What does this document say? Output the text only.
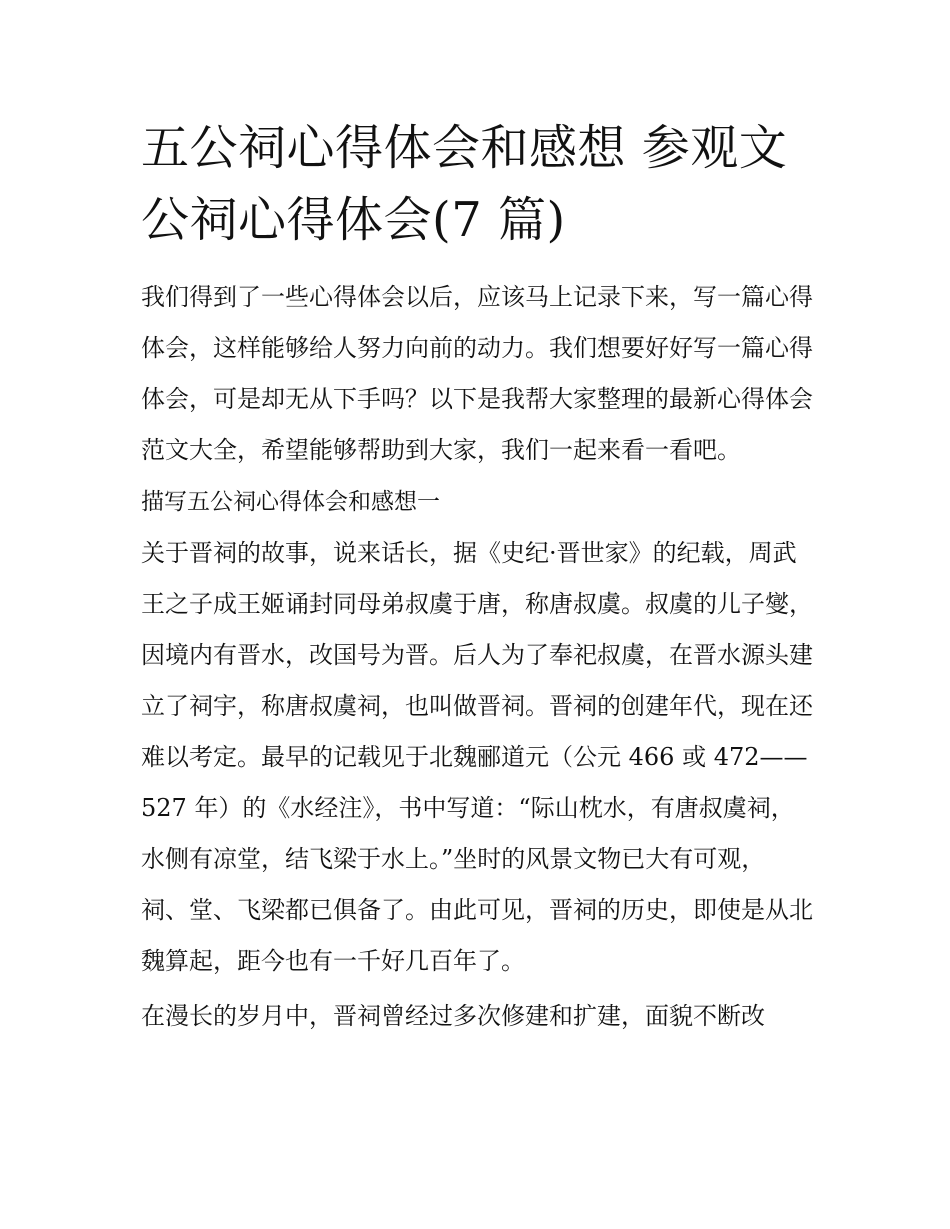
五公祠心得体会和感想 参观文公祠心得体会(7 篇)

我们得到了一些心得体会以后，应该马上记录下来，写一篇心得体会，这样能够给人努力向前的动力。我们想要好好写一篇心得体会，可是却无从下手吗？以下是我帮大家整理的最新心得体会范文大全，希望能够帮助到大家，我们一起来看一看吧。

描写五公祠心得体会和感想一

关于晋祠的故事，说来话长，据《史纪·晋世家》的纪载，周武王之子成王姬诵封同母弟叔虞于唐，称唐叔虞。叔虞的儿子燮，因境内有晋水，改国号为晋。后人为了奉祀叔虞，在晋水源头建立了祠宇，称唐叔虞祠，也叫做晋祠。晋祠的创建年代，现在还难以考定。最早的记载见于北魏郦道元（公元 466 或 472——527 年）的《水经注》，书中写道：“际山枕水，有唐叔虞祠，水侧有凉堂，结飞梁于水上。”坐时的风景文物已大有可观，祠、堂、飞梁都已俱备了。由此可见，晋祠的历史，即使是从北魏算起，距今也有一千好几百年了。

在漫长的岁月中，晋祠曾经过多次修建和扩建，面貌不断改
